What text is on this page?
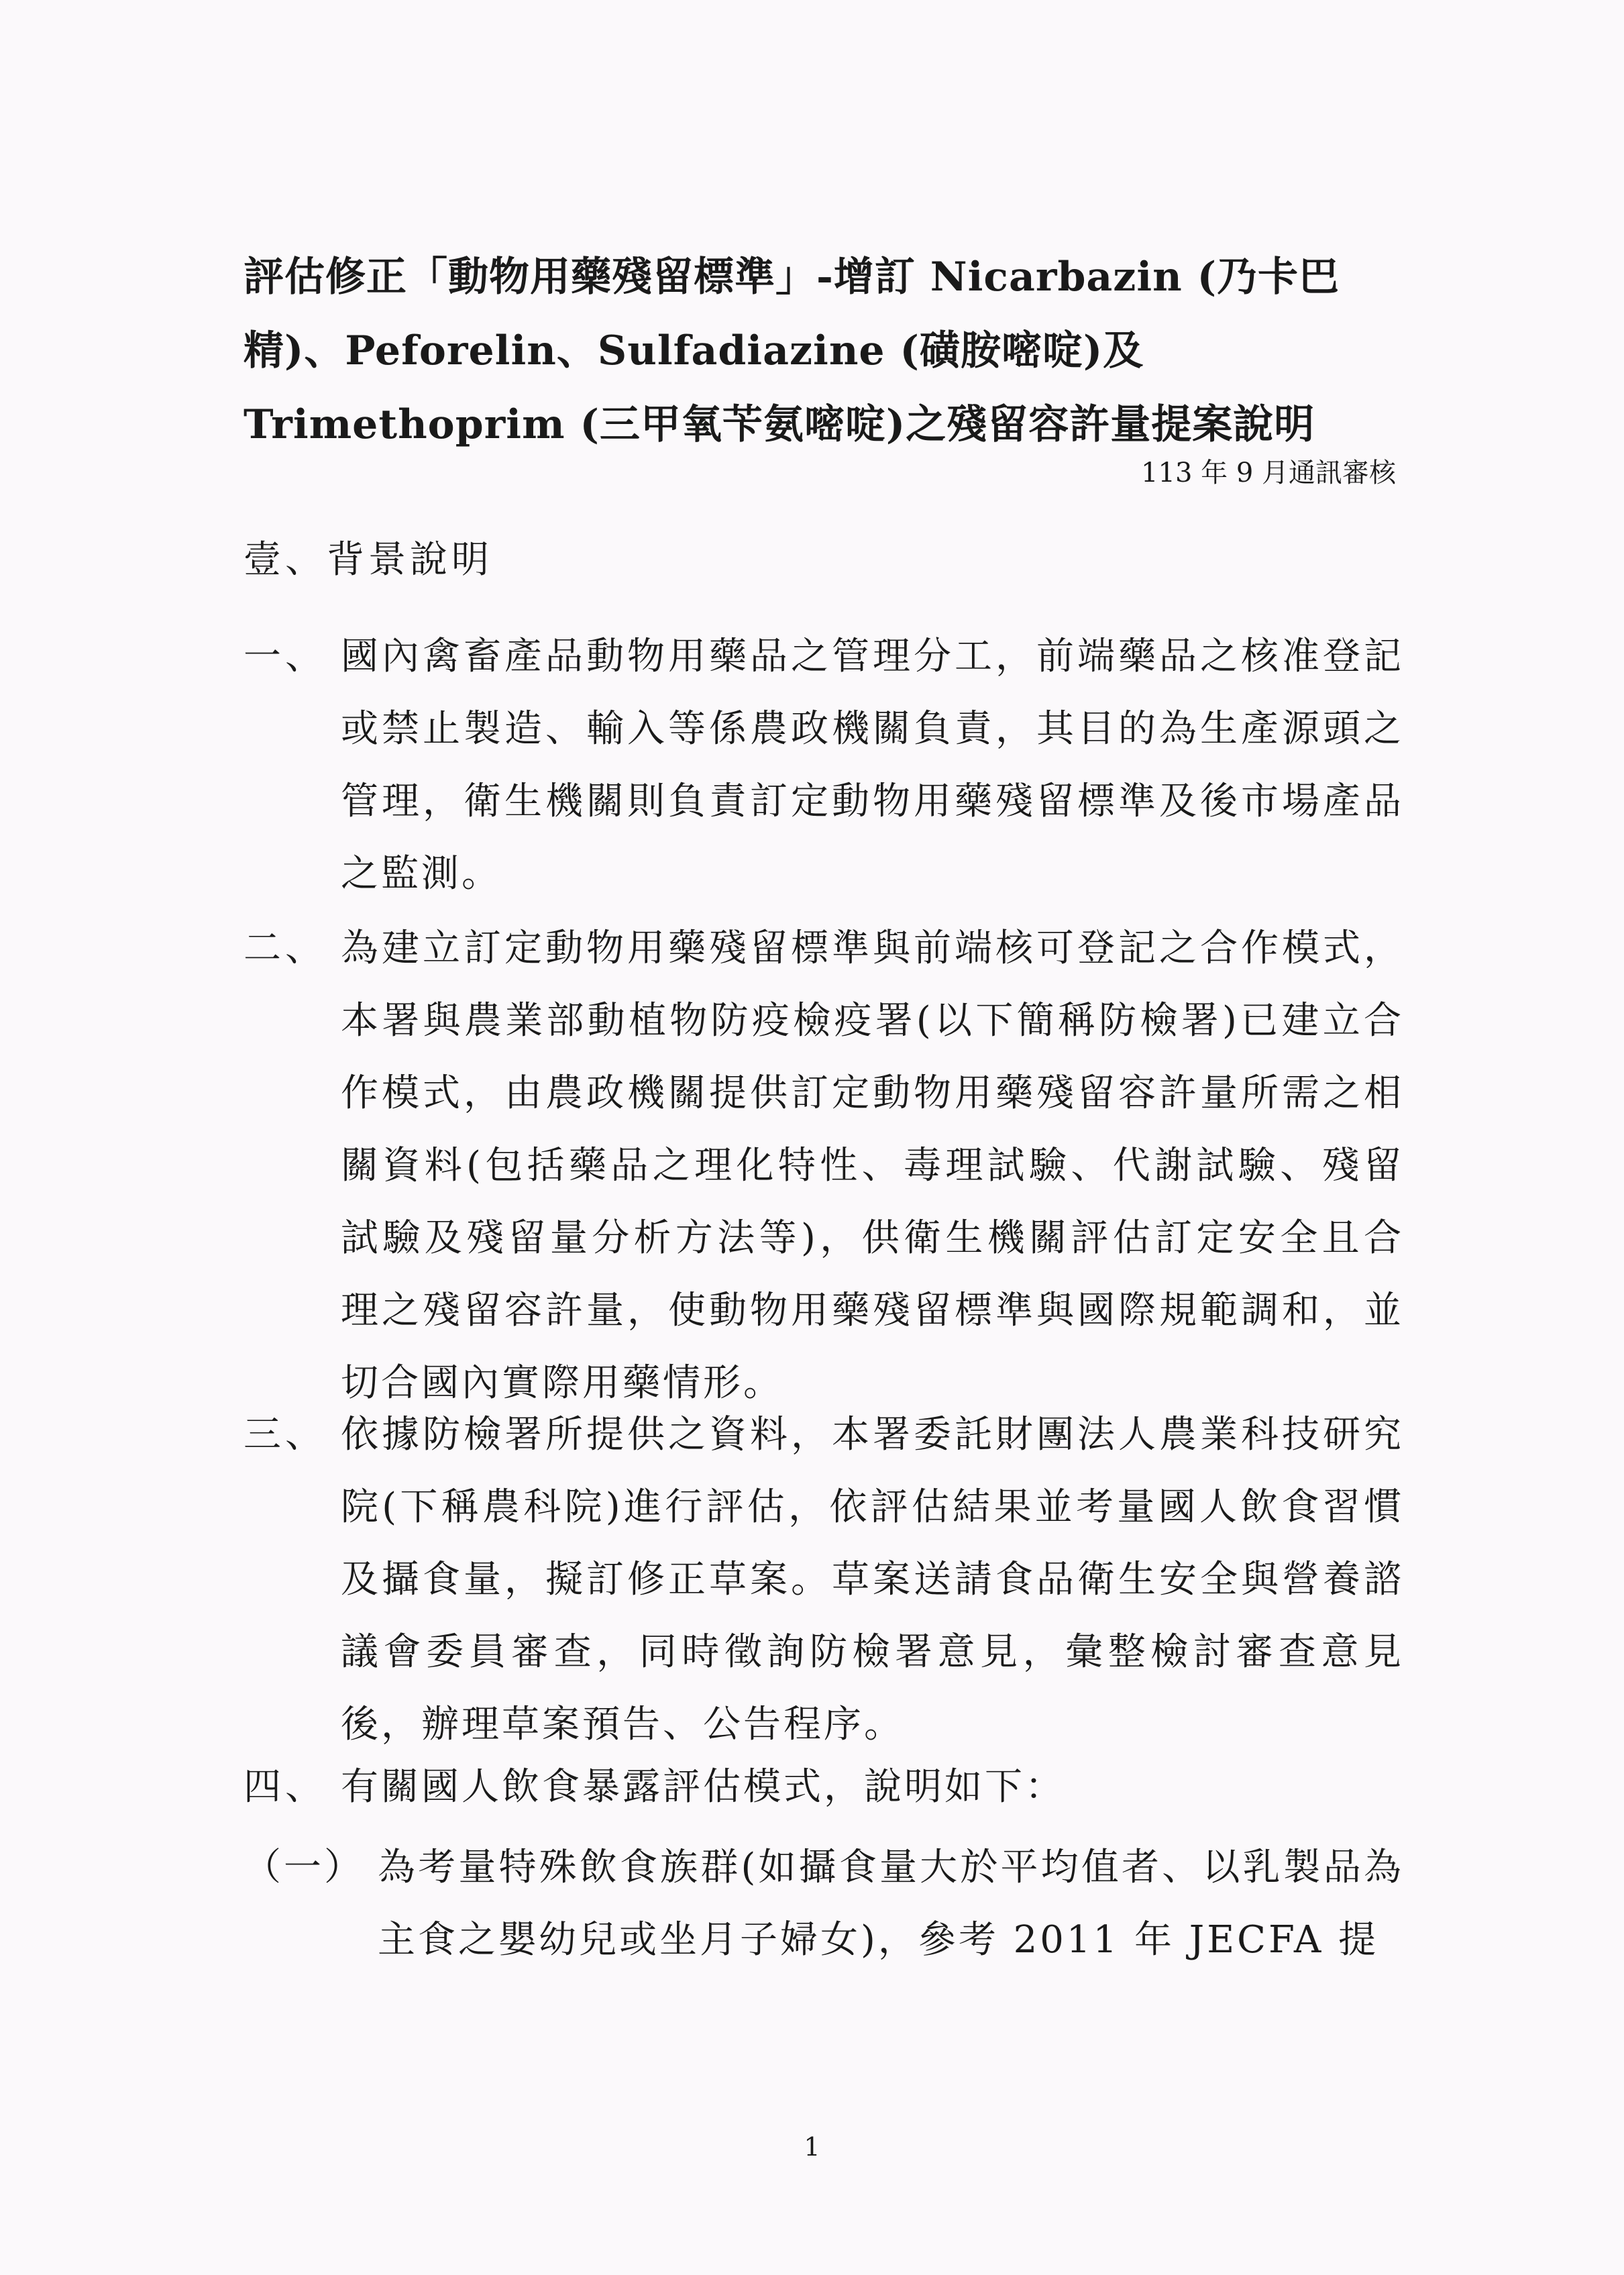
評估修正「動物用藥殘留標準」-增訂 Nicarbazin (乃卡巴精)、Peforelin、Sulfadiazine (磺胺嘧啶)及 Trimethoprim (三甲氧苄氨嘧啶)之殘留容許量提案說明
113 年 9 月通訊審核
壹、背景說明
一、 國內禽畜產品動物用藥品之管理分工，前端藥品之核准登記或禁止製造、輸入等係農政機關負責，其目的為生產源頭之管理，衛生機關則負責訂定動物用藥殘留標準及後市場產品之監測。
二、 為建立訂定動物用藥殘留標準與前端核可登記之合作模式，本署與農業部動植物防疫檢疫署(以下簡稱防檢署)已建立合作模式，由農政機關提供訂定動物用藥殘留容許量所需之相關資料(包括藥品之理化特性、毒理試驗、代謝試驗、殘留試驗及殘留量分析方法等)，供衛生機關評估訂定安全且合理之殘留容許量，使動物用藥殘留標準與國際規範調和，並切合國內實際用藥情形。
三、 依據防檢署所提供之資料，本署委託財團法人農業科技研究院(下稱農科院)進行評估，依評估結果並考量國人飲食習慣及攝食量，擬訂修正草案。草案送請食品衛生安全與營養諮議會委員審查，同時徵詢防檢署意見，彙整檢討審查意見後，辦理草案預告、公告程序。
四、 有關國人飲食暴露評估模式，說明如下：
（一） 為考量特殊飲食族群(如攝食量大於平均值者、以乳製品為主食之嬰幼兒或坐月子婦女)，參考 2011 年 JECFA 提
1
